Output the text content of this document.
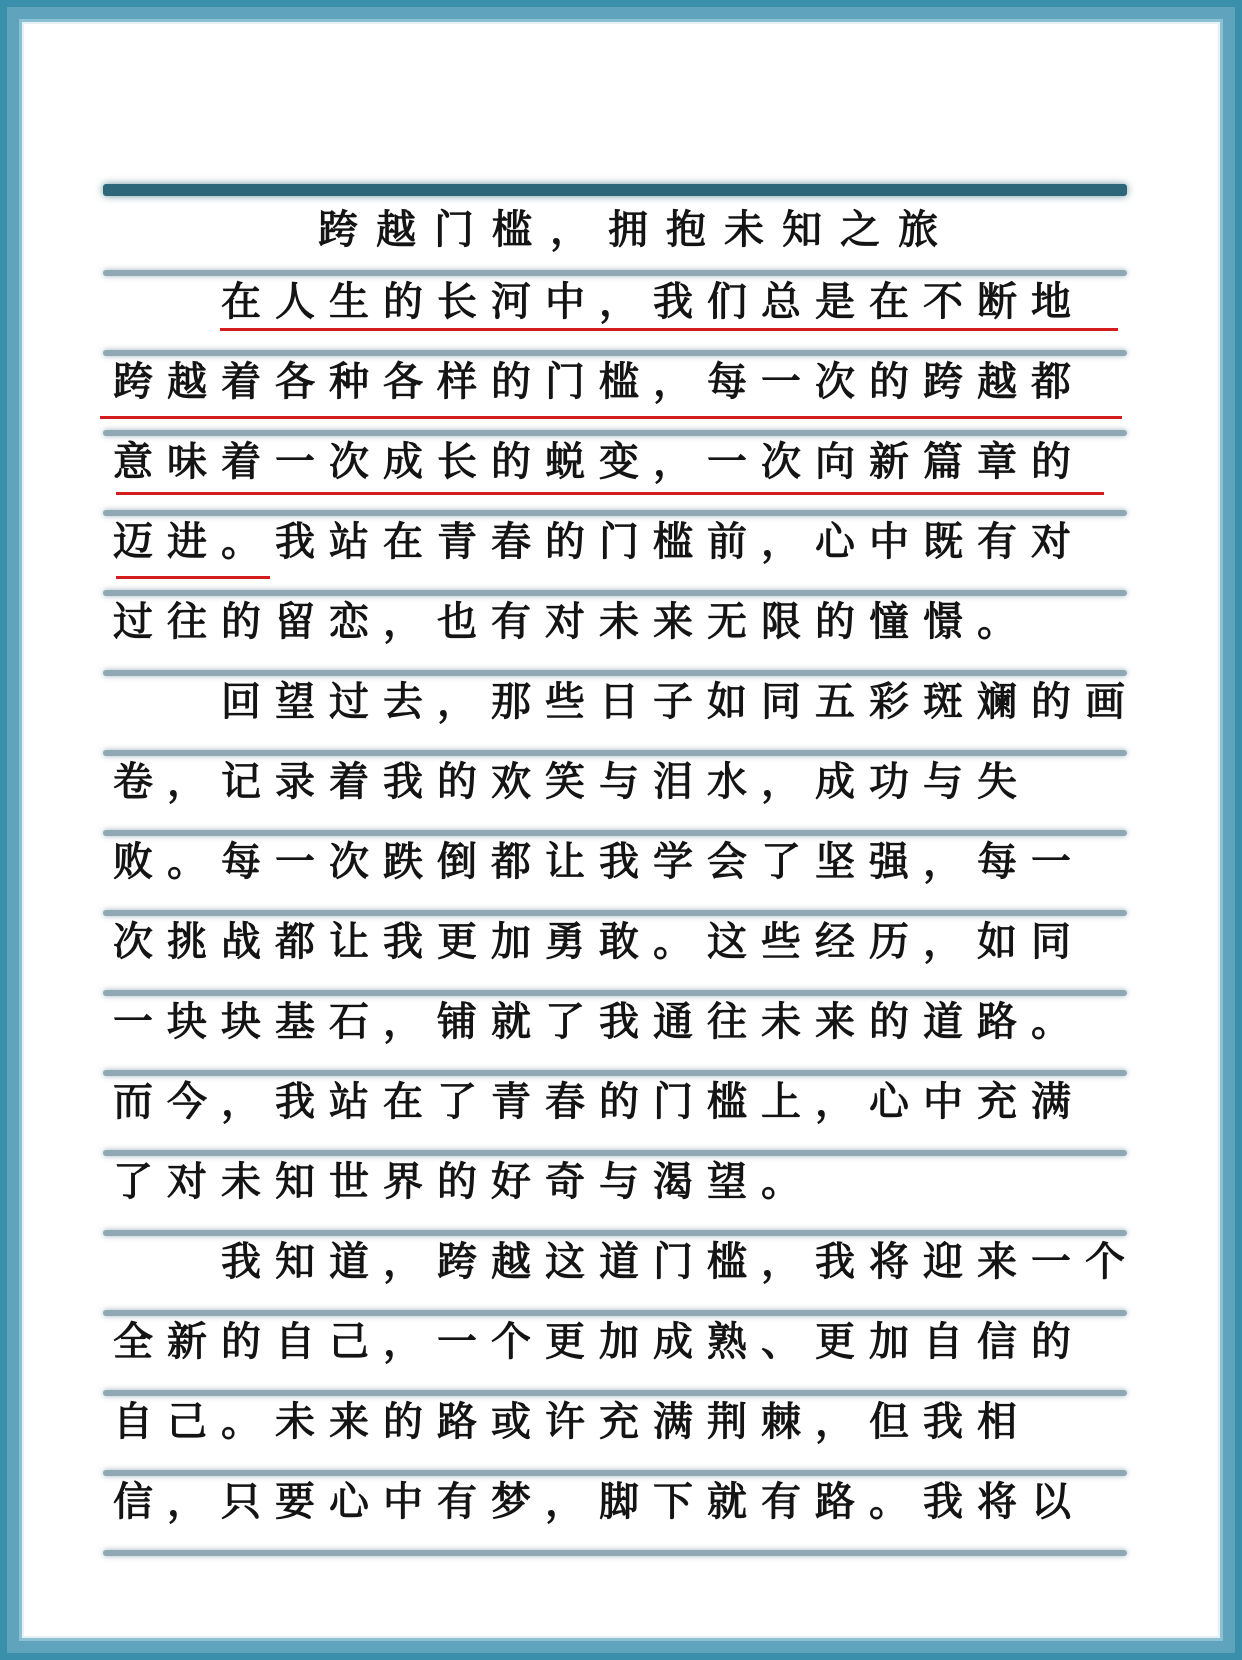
跨越门槛，拥抱未知之旅

　　在人生的长河中，我们总是在不断地

跨越着各种各样的门槛，每一次的跨越都

意味着一次成长的蜕变，一次向新篇章的

迈进。我站在青春的门槛前，心中既有对

过往的留恋，也有对未来无限的憧憬。

　　回望过去，那些日子如同五彩斑斓的画

卷，记录着我的欢笑与泪水，成功与失

败。每一次跌倒都让我学会了坚强，每一

次挑战都让我更加勇敢。这些经历，如同

一块块基石，铺就了我通往未来的道路。

而今，我站在了青春的门槛上，心中充满

了对未知世界的好奇与渴望。

　　我知道，跨越这道门槛，我将迎来一个

全新的自己，一个更加成熟、更加自信的

自己。未来的路或许充满荆棘，但我相

信，只要心中有梦，脚下就有路。我将以
